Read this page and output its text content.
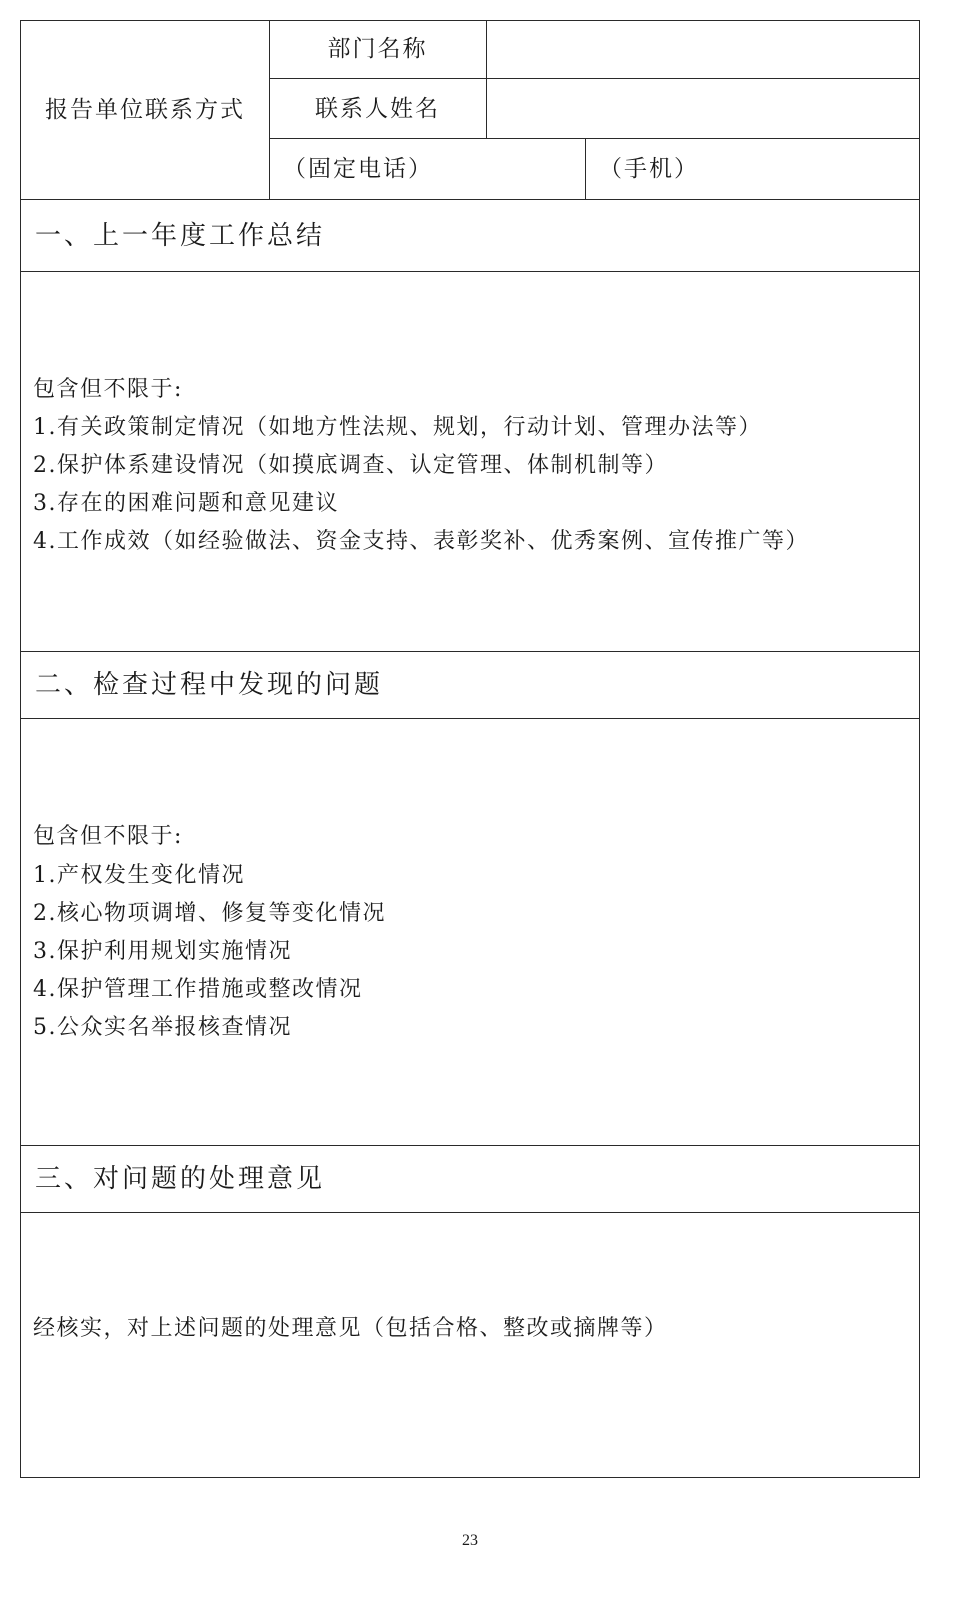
报告单位联系方式
部门名称
联系人姓名
（固定电话）	（手机）
一、上一年度工作总结
包含但不限于:
1.有关政策制定情况（如地方性法规、规划，行动计划、管理办法等）
2.保护体系建设情况（如摸底调查、认定管理、体制机制等）
3.存在的困难问题和意见建议
4.工作成效（如经验做法、资金支持、表彰奖补、优秀案例、宣传推广等）
二、检查过程中发现的问题
包含但不限于:
1.产权发生变化情况
2.核心物项调增、修复等变化情况
3.保护利用规划实施情况
4.保护管理工作措施或整改情况
5.公众实名举报核查情况
三、对问题的处理意见
经核实，对上述问题的处理意见（包括合格、整改或摘牌等）
23
